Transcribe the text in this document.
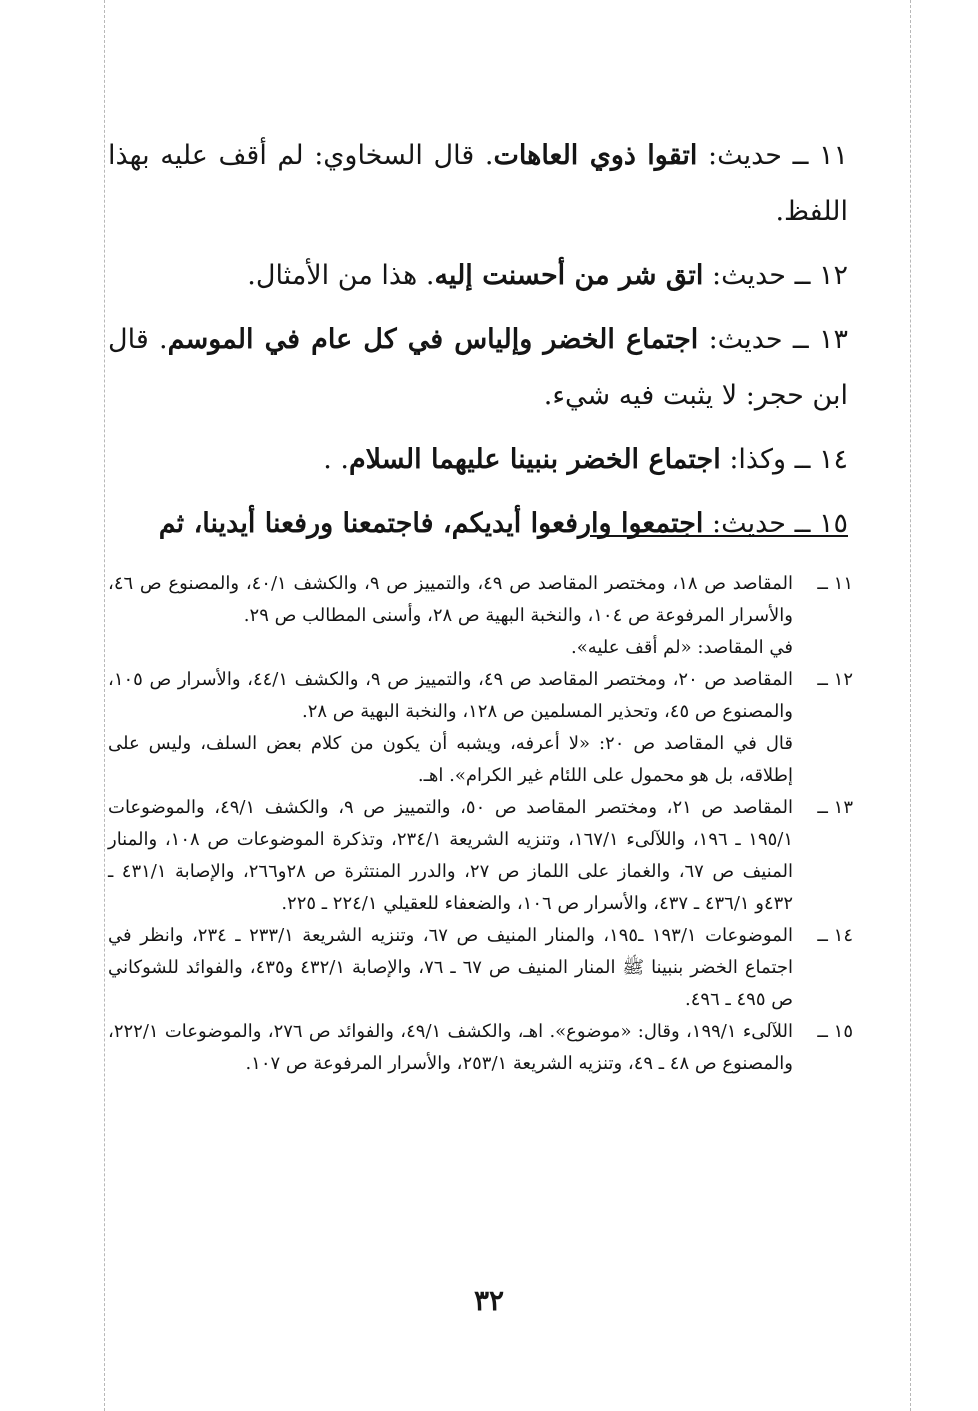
١١ ــ حديث: اتقوا ذوي العاهات. قال السخاوي: لم أقف عليه بهذا اللفظ.

١٢ ــ حديث: اتق شر من أحسنت إليه. هذا من الأمثال.

١٣ ــ حديث: اجتماع الخضر وإلياس في كل عام في الموسم. قال ابن حجر: لا يثبت فيه شيء.

١٤ ــ وكذا: اجتماع الخضر بنبينا عليهما السلام. .

١٥ ــ حديث: اجتمعوا وارفعوا أيديكم، فاجتمعنا ورفعنا أيدينا، ثم

١١ ــ
المقاصد ص ١٨، ومختصر المقاصد ص ٤٩، والتمييز ص ٩، والكشف ٤٠/١، والمصنوع ص ٤٦، والأسرار المرفوعة ص ١٠٤، والنخبة البهية ص ٢٨، وأسنى المطالب ص ٢٩.
في المقاصد: «لم أقف عليه».
١٢ ــ
المقاصد ص ٢٠، ومختصر المقاصد ص ٤٩، والتمييز ص ٩، والكشف ٤٤/١، والأسرار ص ١٠٥، والمصنوع ص ٤٥، وتحذير المسلمين ص ١٢٨، والنخبة البهية ص ٢٨.
قال في المقاصد ص ٢٠: «لا أعرفه، ويشبه أن يكون من كلام بعض السلف، وليس على إطلاقه، بل هو محمول على اللئام غير الكرام». اهـ.
١٣ ــ
المقاصد ص ٢١، ومختصر المقاصد ص ٥٠، والتمييز ص ٩، والكشف ٤٩/١، والموضوعات ١٩٥/١ ـ ١٩٦، واللآلىء ١٦٧/١، وتنزيه الشريعة ٢٣٤/١، وتذكرة الموضوعات ص ١٠٨، والمنار المنيف ص ٦٧، والغماز على اللماز ص ٢٧، والدرر المنتثرة ص ٢٨و٢٦٦، والإصابة ٤٣١/١ ـ ٤٣٢و ٤٣٦/١ ـ ٤٣٧، والأسرار ص ١٠٦، والضعفاء للعقيلي ٢٢٤/١ ـ ٢٢٥.
١٤ ــ
الموضوعات ١٩٣/١ ـ١٩٥، والمنار المنيف ص ٦٧، وتنزيه الشريعة ٢٣٣/١ ـ ٢٣٤، وانظر في اجتماع الخضر بنبينا ﷺ المنار المنيف ص ٦٧ ـ ٧٦، والإصابة ٤٣٢/١ و٤٣٥، والفوائد للشوكاني ص ٤٩٥ ـ ٤٩٦.
١٥ ــ
اللآلىء ١٩٩/١، وقال: «موضوع». اهـ، والكشف ٤٩/١، والفوائد ص ٢٧٦، والموضوعات ٢٢٢/١، والمصنوع ص ٤٨ ـ ٤٩، وتنزيه الشريعة ٢٥٣/١، والأسرار المرفوعة ص ١٠٧.
٣٢
